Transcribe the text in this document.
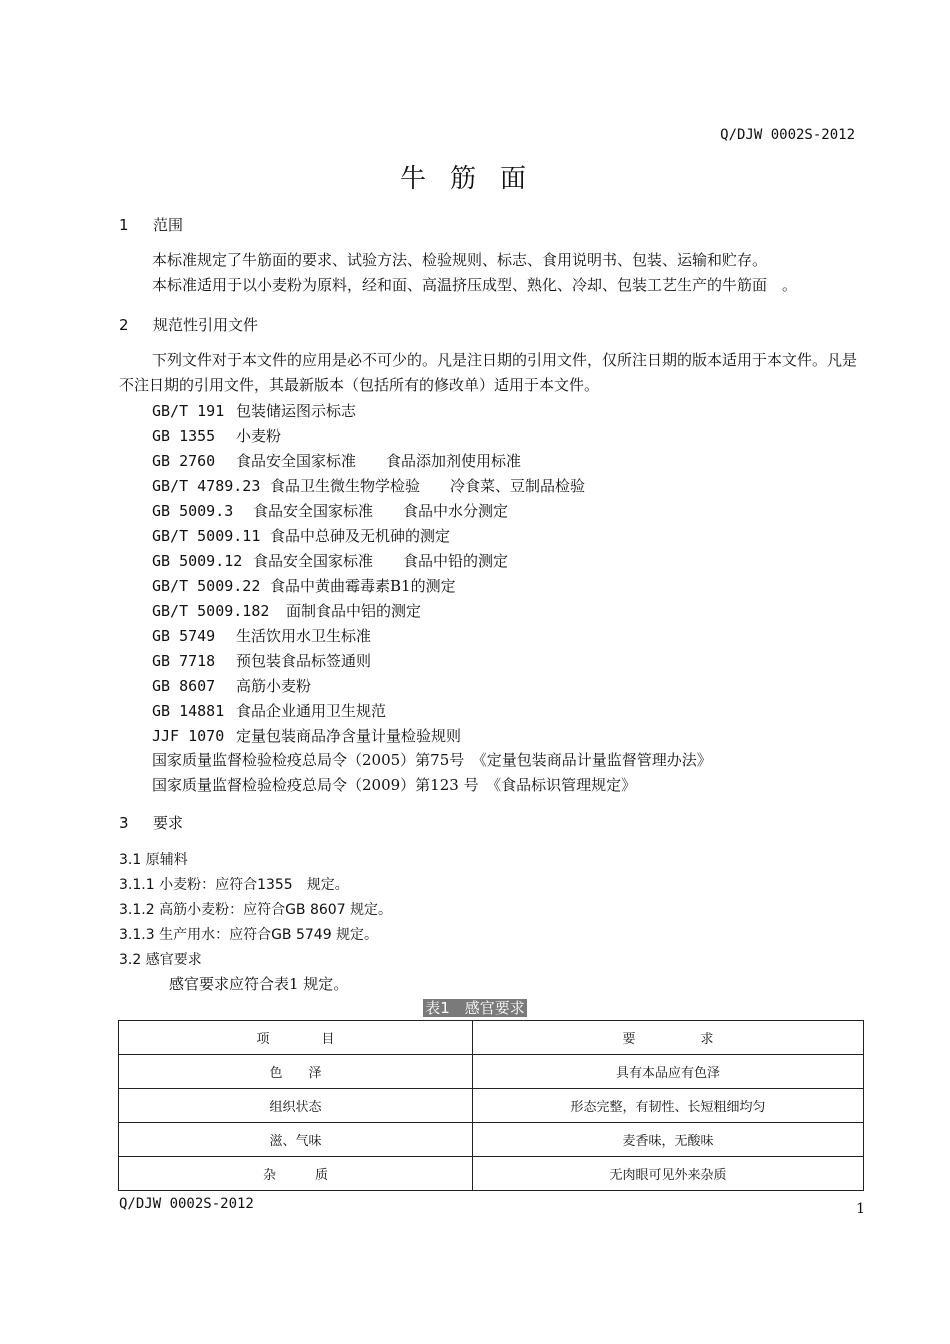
Q/DJW 0002S-2012
牛筋面
1 范围
本标准规定了牛筋面的要求、试验方法、检验规则、标志、食用说明书、包装、运输和贮存。
本标准适用于以小麦粉为原料，经和面、高温挤压成型、熟化、冷却、包装工艺生产的牛筋面　。
2 规范性引用文件
下列文件对于本文件的应用是必不可少的。凡是注日期的引用文件，仅所注日期的版本适用于本文件。凡是不注日期的引用文件，其最新版本（包括所有的修改单）适用于本文件。
GB/T 191 包装储运图示标志
GB 1355 小麦粉
GB 2760 食品安全国家标准　　食品添加剂使用标准
GB/T 4789.23 食品卫生微生物学检验　　冷食菜、豆制品检验
GB 5009.3 食品安全国家标准　　食品中水分测定
GB/T 5009.11 食品中总砷及无机砷的测定
GB 5009.12 食品安全国家标准　　食品中铅的测定
GB/T 5009.22 食品中黄曲霉毒素B1的测定
GB/T 5009.182 面制食品中铝的测定
GB 5749 生活饮用水卫生标准
GB 7718 预包装食品标签通则
GB 8607 高筋小麦粉
GB 14881 食品企业通用卫生规范
JJF 1070 定量包装商品净含量计量检验规则
国家质量监督检验检疫总局令（2005）第75号　《定量包装商品计量监督管理办法》
国家质量监督检验检疫总局令（2009）第123 号　《食品标识管理规定》
3 要求
3.1 原辅料
3.1.1 小麦粉：应符合1355　规定。
3.1.2 高筋小麦粉：应符合GB 8607 规定。
3.1.3 生产用水：应符合GB 5749 规定。
3.2 感官要求
感官要求应符合表1 规定。
表1　感官要求
项　　　　目	要　　　　　求
色　　泽	具有本品应有色泽
组织状态	形态完整，有韧性、长短粗细均匀
滋、气味	麦香味，无酸味
杂　　　质	无肉眼可见外来杂质
Q/DJW 0002S-2012	1
